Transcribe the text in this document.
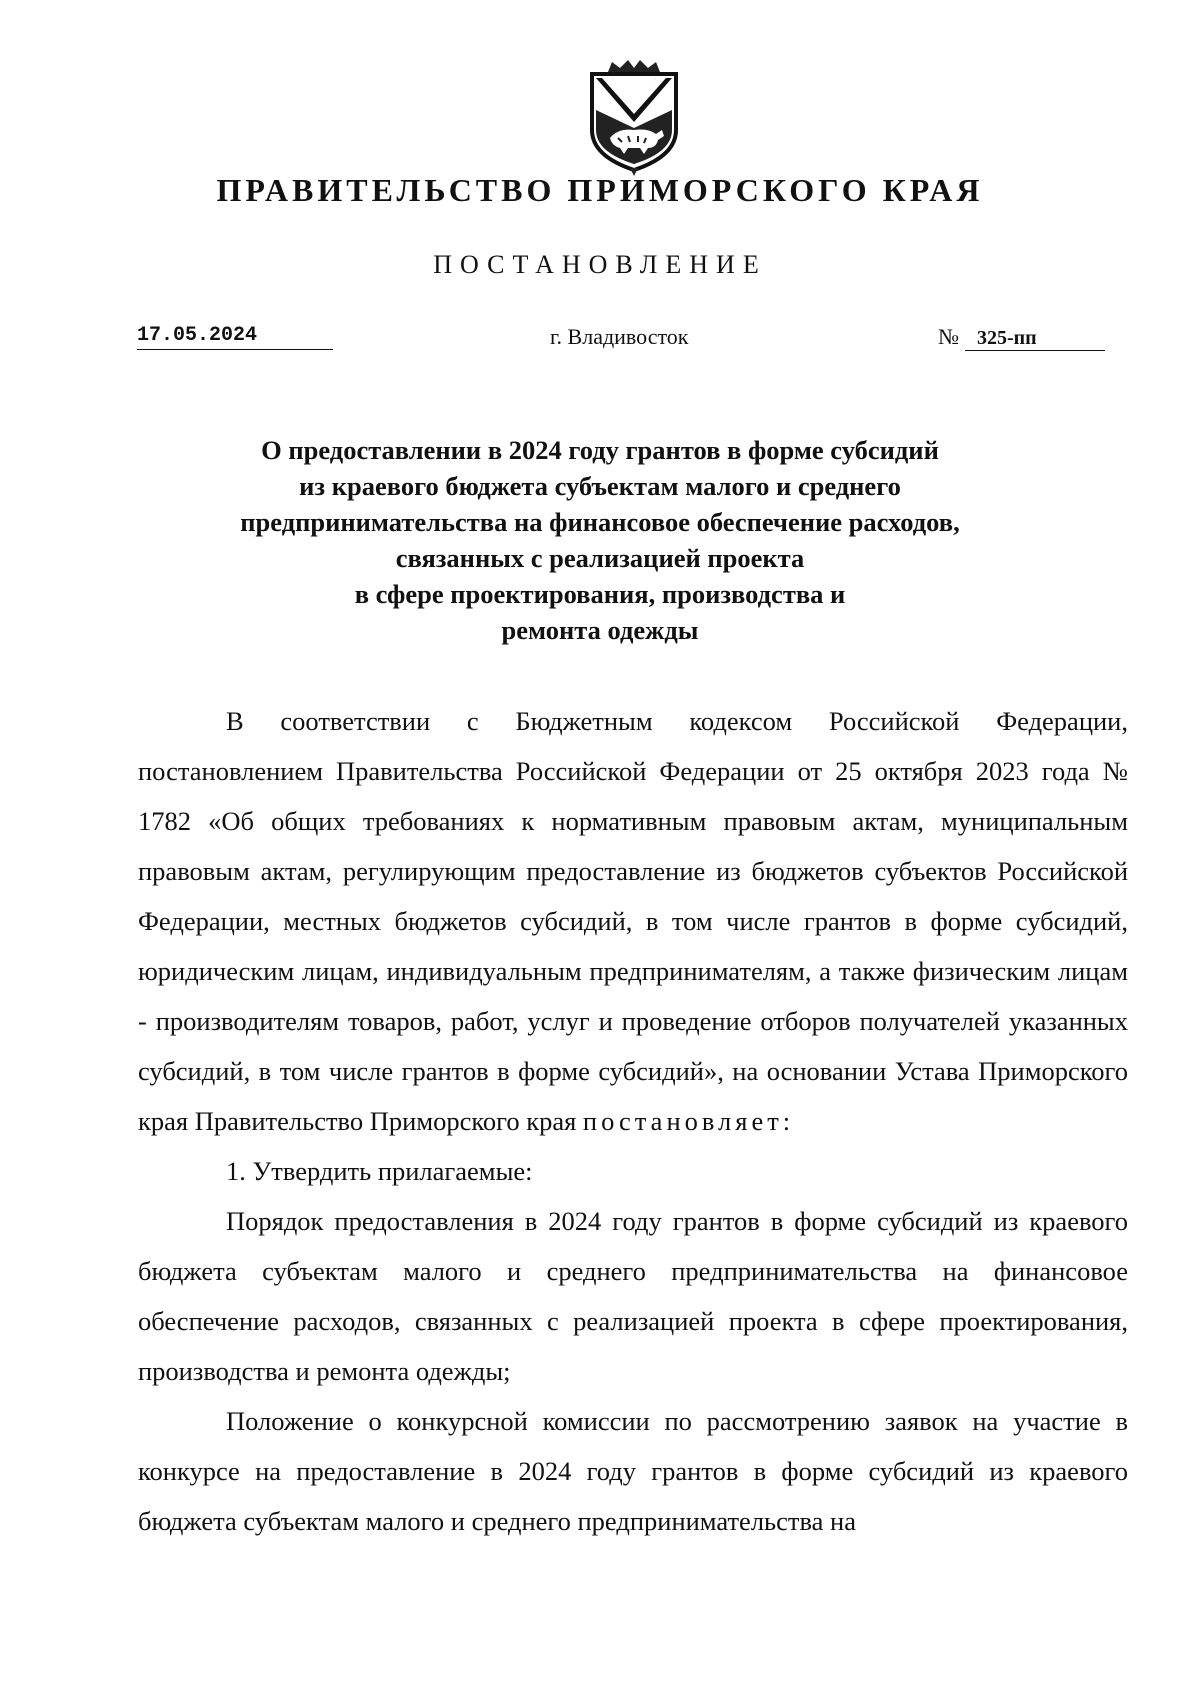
ПРАВИТЕЛЬСТВО ПРИМОРСКОГО КРАЯ
ПОСТАНОВЛЕНИЕ
17.05.2024	г. Владивосток	№ 325-пп
О предоставлении в 2024 году грантов в форме субсидий
из краевого бюджета субъектам малого и среднего
предпринимательства на финансовое обеспечение расходов,
связанных с реализацией проекта
в сфере проектирования, производства и
ремонта одежды

В соответствии с Бюджетным кодексом Российской Федерации, постановлением Правительства Российской Федерации от 25 октября 2023 года № 1782 «Об общих требованиях к нормативным правовым актам, муниципальным правовым актам, регулирующим предоставление из бюджетов субъектов Российской Федерации, местных бюджетов субсидий, в том числе грантов в форме субсидий, юридическим лицам, индивидуальным предпринимателям, а также физическим лицам - производителям товаров, работ, услуг и проведение отборов получателей указанных субсидий, в том числе грантов в форме субсидий», на основании Устава Приморского края Правительство Приморского края постановляет:

1. Утвердить прилагаемые:

Порядок предоставления в 2024 году грантов в форме субсидий из краевого бюджета субъектам малого и среднего предпринимательства на финансовое обеспечение расходов, связанных с реализацией проекта в сфере проектирования, производства и ремонта одежды;

Положение о конкурсной комиссии по рассмотрению заявок на участие в конкурсе на предоставление в 2024 году грантов в форме субсидий из краевого бюджета субъектам малого и среднего предпринимательства на
